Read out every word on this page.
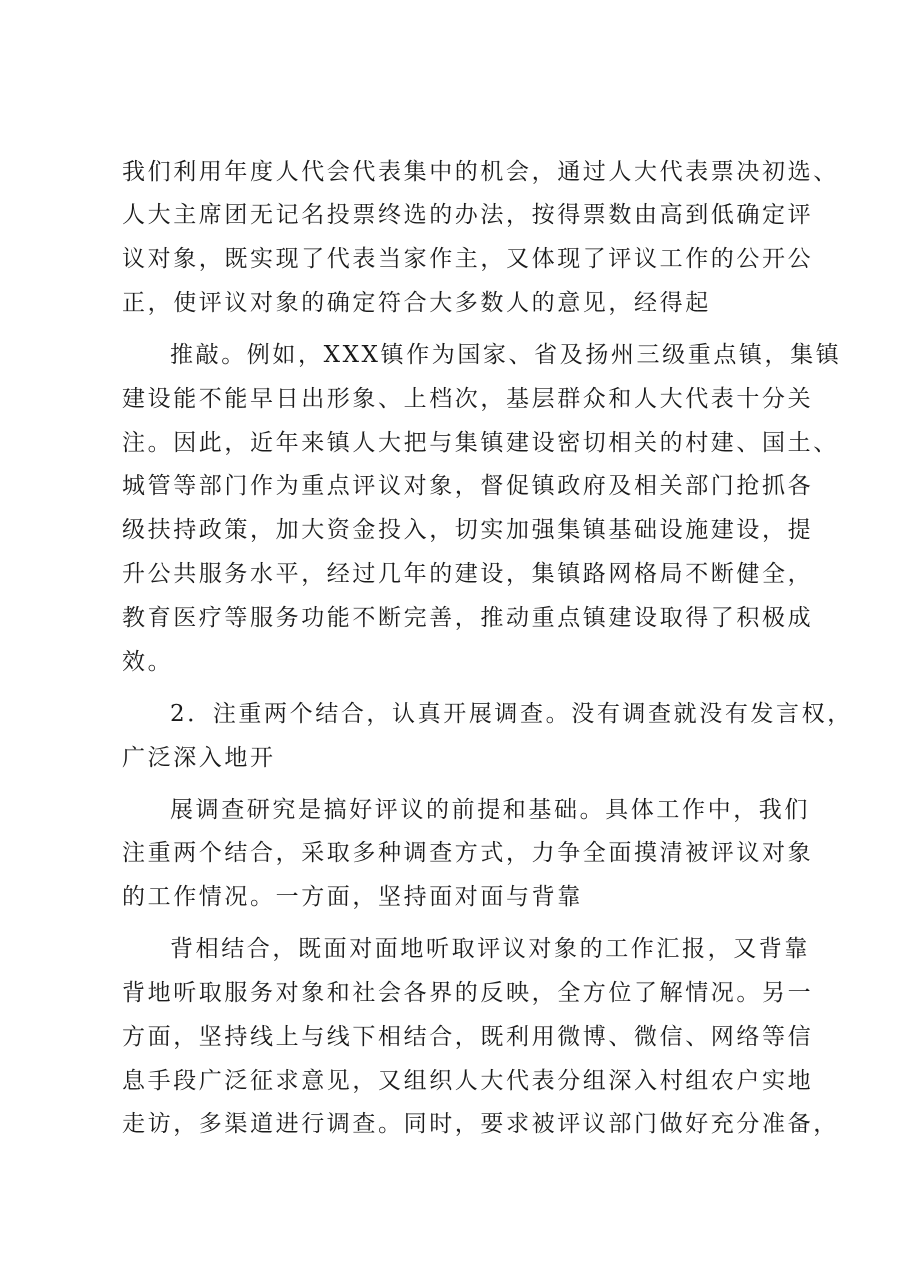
我们利用年度人代会代表集中的机会，通过人大代表票决初选、
人大主席团无记名投票终选的办法，按得票数由高到低确定评
议对象，既实现了代表当家作主，又体现了评议工作的公开公
正，使评议对象的确定符合大多数人的意见，经得起
推敲。例如，XXX镇作为国家、省及扬州三级重点镇，集镇
建设能不能早日出形象、上档次，基层群众和人大代表十分关
注。因此，近年来镇人大把与集镇建设密切相关的村建、国土、
城管等部门作为重点评议对象，督促镇政府及相关部门抢抓各
级扶持政策，加大资金投入，切实加强集镇基础设施建设，提
升公共服务水平，经过几年的建设，集镇路网格局不断健全，
教育医疗等服务功能不断完善，推动重点镇建设取得了积极成
效。
2．注重两个结合，认真开展调查。没有调查就没有发言权，
广泛深入地开
展调查研究是搞好评议的前提和基础。具体工作中，我们
注重两个结合，采取多种调查方式，力争全面摸清被评议对象
的工作情况。一方面，坚持面对面与背靠
背相结合，既面对面地听取评议对象的工作汇报，又背靠
背地听取服务对象和社会各界的反映，全方位了解情况。另一
方面，坚持线上与线下相结合，既利用微博、微信、网络等信
息手段广泛征求意见，又组织人大代表分组深入村组农户实地
走访，多渠道进行调查。同时，要求被评议部门做好充分准备，
